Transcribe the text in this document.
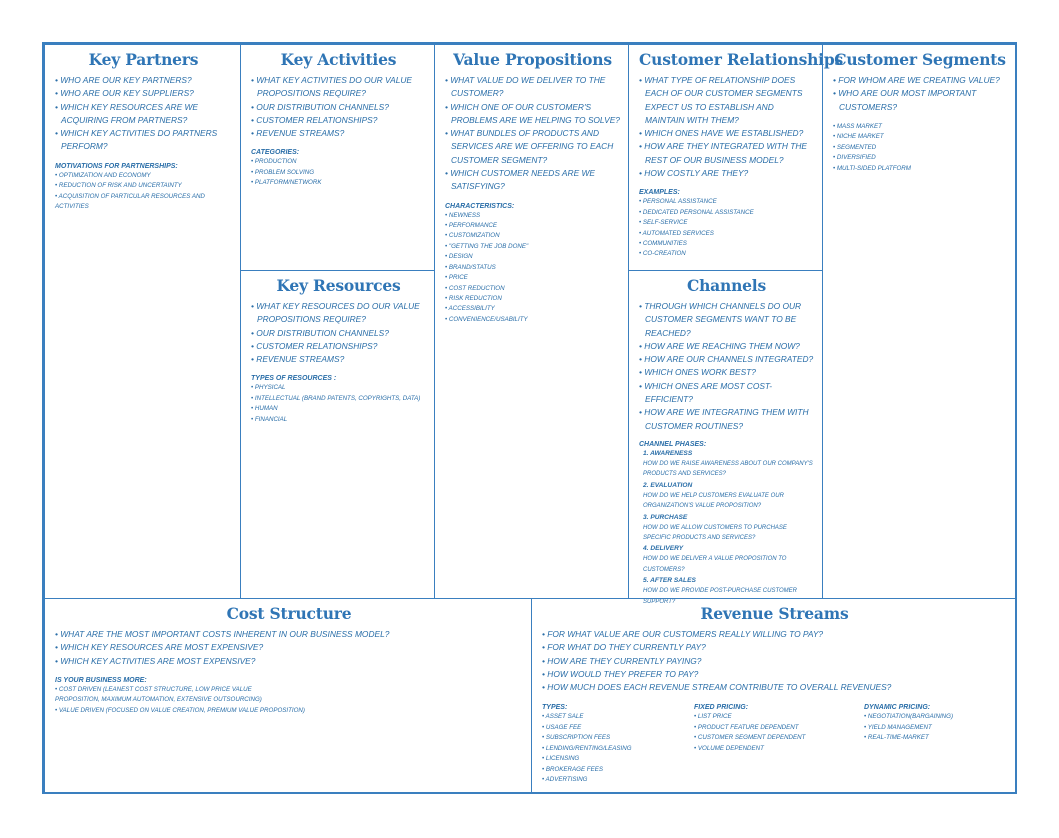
Key Partners
• WHO ARE OUR KEY PARTNERS?
• WHO ARE OUR KEY SUPPLIERS?
• WHICH KEY RESOURCES ARE WE ACQUIRING FROM PARTNERS?
• WHICH KEY ACTIVITIES DO PARTNERS PERFORM?
MOTIVATIONS FOR PARTNERSHIPS:
• OPTIMIZATION AND ECONOMY
• REDUCTION OF RISK AND UNCERTAINTY
• ACQUISITION OF PARTICULAR RESOURCES AND ACTIVITIES
Key Activities
• WHAT KEY ACTIVITIES DO OUR VALUE PROPOSITIONS REQUIRE?
• OUR DISTRIBUTION CHANNELS?
• CUSTOMER RELATIONSHIPS?
• REVENUE STREAMS?
CATEGORIES:
• PRODUCTION
• PROBLEM SOLVING
• PLATFORM/NETWORK
Key Resources
• WHAT KEY RESOURCES DO OUR VALUE PROPOSITIONS REQUIRE?
• OUR DISTRIBUTION CHANNELS?
• CUSTOMER RELATIONSHIPS?
• REVENUE STREAMS?
TYPES OF RESOURCES :
• PHYSICAL
• INTELLECTUAL (BRAND PATENTS, COPYRIGHTS, DATA)
• HUMAN
• FINANCIAL
Value Propositions
• WHAT VALUE DO WE DELIVER TO THE CUSTOMER?
• WHICH ONE OF OUR CUSTOMER'S PROBLEMS ARE WE HELPING TO SOLVE?
• WHAT BUNDLES OF PRODUCTS AND SERVICES ARE WE OFFERING TO EACH CUSTOMER SEGMENT?
• WHICH CUSTOMER NEEDS ARE WE SATISFYING?
CHARACTERISTICS:
• NEWNESS
• PERFORMANCE
• CUSTOMIZATION
• "GETTING THE JOB DONE"
• DESIGN
• BRAND/STATUS
• PRICE
• COST REDUCTION
• RISK REDUCTION
• ACCESSIBILITY
• CONVENIENCE/USABILITY
Customer Relationships
• WHAT TYPE OF RELATIONSHIP DOES EACH OF OUR CUSTOMER SEGMENTS EXPECT US TO ESTABLISH AND MAINTAIN WITH THEM?
• WHICH ONES HAVE WE ESTABLISHED?
• HOW ARE THEY INTEGRATED WITH THE REST OF OUR BUSINESS MODEL?
• HOW COSTLY ARE THEY?
EXAMPLES:
• PERSONAL ASSISTANCE
• DEDICATED PERSONAL ASSISTANCE
• SELF-SERVICE
• AUTOMATED SERVICES
• COMMUNITIES
• CO-CREATION
Channels
• THROUGH WHICH CHANNELS DO OUR CUSTOMER SEGMENTS WANT TO BE REACHED?
• HOW ARE WE REACHING THEM NOW?
• HOW ARE OUR CHANNELS INTEGRATED?
• WHICH ONES WORK BEST?
• WHICH ONES ARE MOST COST-EFFICIENT?
• HOW ARE WE INTEGRATING THEM WITH CUSTOMER ROUTINES?
CHANNEL PHASES:
1. AWARENESS
HOW DO WE RAISE AWARENESS ABOUT OUR COMPANY'S PRODUCTS AND SERVICES?
2. EVALUATION
HOW DO WE HELP CUSTOMERS EVALUATE OUR ORGANIZATION'S VALUE PROPOSITION?
3. PURCHASE
HOW DO WE ALLOW CUSTOMERS TO PURCHASE SPECIFIC PRODUCTS AND SERVICES?
4. DELIVERY
HOW DO WE DELIVER A VALUE PROPOSITION TO CUSTOMERS?
5. AFTER SALES
HOW DO WE PROVIDE POST-PURCHASE CUSTOMER SUPPORT?
Customer Segments
• FOR WHOM ARE WE CREATING VALUE?
• WHO ARE OUR MOST IMPORTANT CUSTOMERS?
• MASS MARKET
• NICHE MARKET
• SEGMENTED
• DIVERSIFIED
• MULTI-SIDED PLATFORM
Cost Structure
• WHAT ARE THE MOST IMPORTANT COSTS INHERENT IN OUR BUSINESS MODEL?
• WHICH KEY RESOURCES ARE MOST EXPENSIVE?
• WHICH KEY ACTIVITIES ARE MOST EXPENSIVE?
IS YOUR BUSINESS MORE:
• COST DRIVEN (LEANEST COST STRUCTURE, LOW PRICE VALUE PROPOSITION, MAXIMUM AUTOMATION, EXTENSIVE OUTSOURCING)
• VALUE DRIVEN (FOCUSED ON VALUE CREATION, PREMIUM VALUE PROPOSITION)
Revenue Streams
• FOR WHAT VALUE ARE OUR CUSTOMERS REALLY WILLING TO PAY?
• FOR WHAT DO THEY CURRENTLY PAY?
• HOW ARE THEY CURRENTLY PAYING?
• HOW WOULD THEY PREFER TO PAY?
• HOW MUCH DOES EACH REVENUE STREAM CONTRIBUTE TO OVERALL REVENUES?
TYPES:
• ASSET SALE
• USAGE FEE
• SUBSCRIPTION FEES
• LENDING/RENTING/LEASING
• LICENSING
• BROKERAGE FEES
• ADVERTISING
FIXED PRICING:
• LIST PRICE
• PRODUCT FEATURE DEPENDENT
• CUSTOMER SEGMENT DEPENDENT
• VOLUME DEPENDENT
DYNAMIC PRICING:
• NEGOTIATION(BARGAINING)
• YIELD MANAGEMENT
• REAL-TIME-MARKET
